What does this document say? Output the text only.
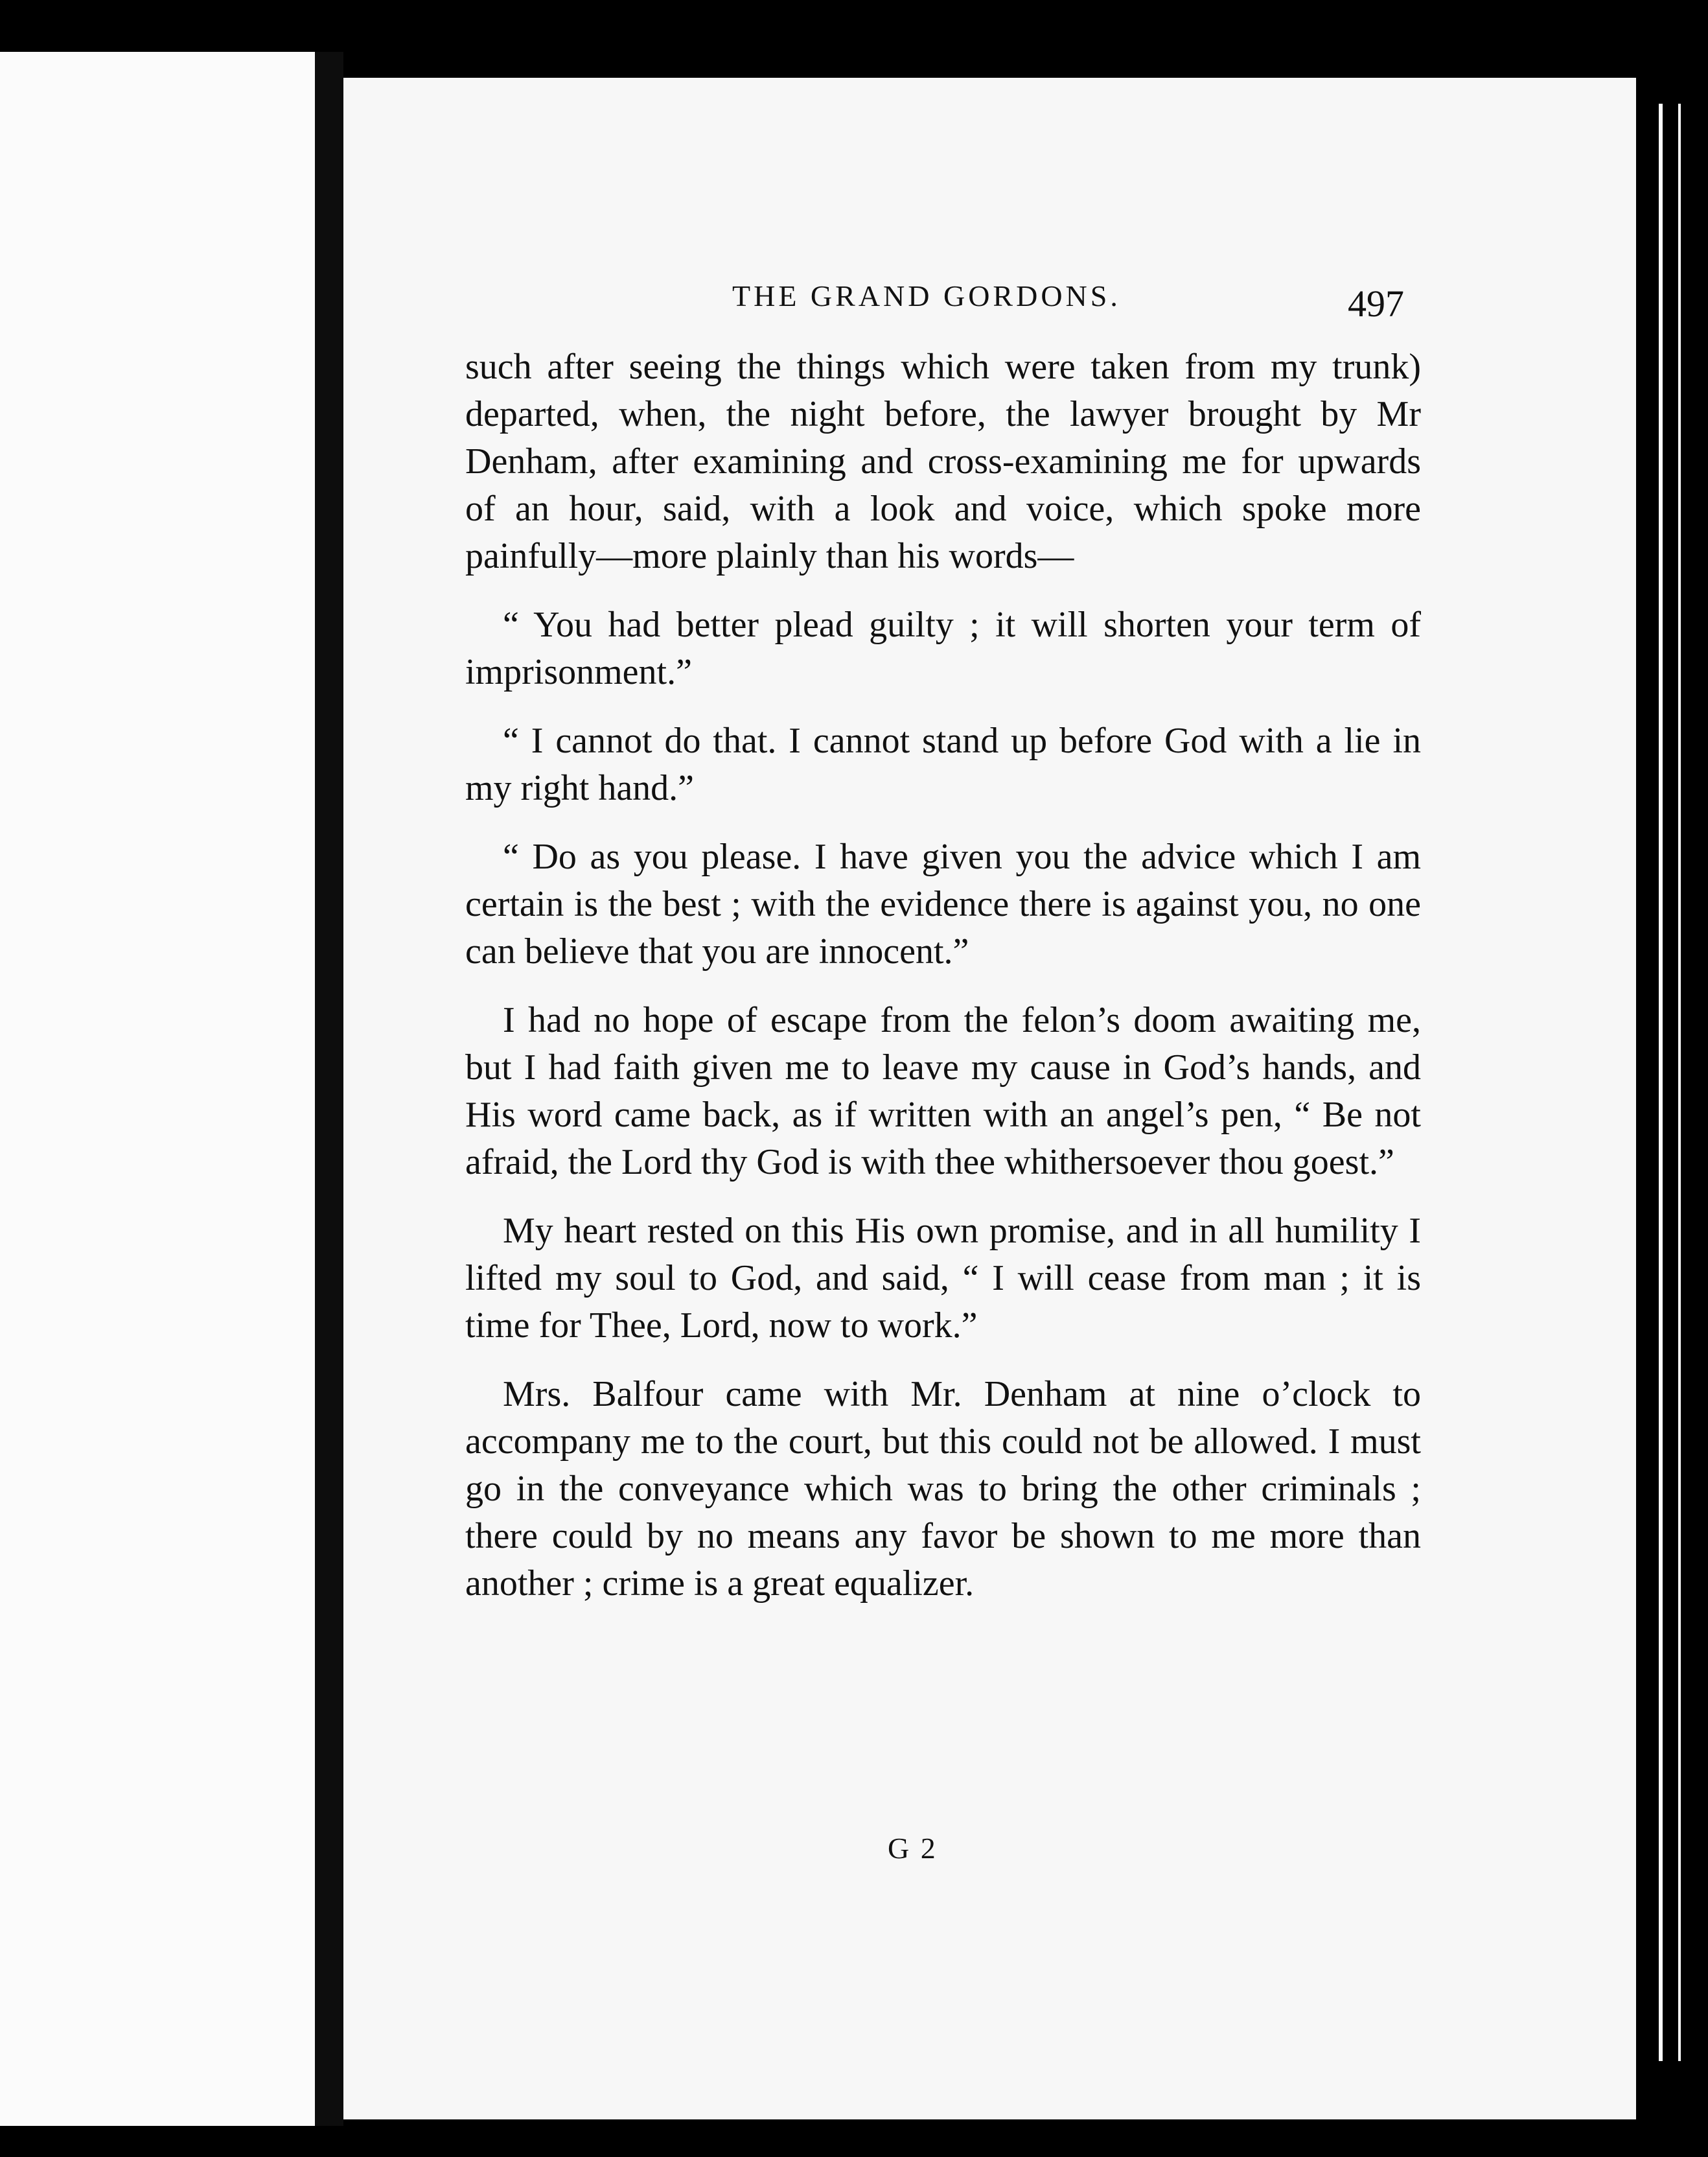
THE GRAND GORDONS.	497

such after seeing the things which were taken from my trunk) departed, when, the night before, the lawyer brought by Mr Denham, after examining and cross-examining me for upwards of an hour, said, with a look and voice, which spoke more painfully—more plainly than his words—

“ You had better plead guilty ; it will shorten your term of imprisonment.”

“ I cannot do that. I cannot stand up before God with a lie in my right hand.”

“ Do as you please. I have given you the advice which I am certain is the best ; with the evidence there is against you, no one can believe that you are innocent.”

I had no hope of escape from the felon’s doom awaiting me, but I had faith given me to leave my cause in God’s hands, and His word came back, as if written with an angel’s pen, “ Be not afraid, the Lord thy God is with thee whithersoever thou goest.”

My heart rested on this His own promise, and in all humility I lifted my soul to God, and said, “ I will cease from man ; it is time for Thee, Lord, now to work.”

Mrs. Balfour came with Mr. Denham at nine o’clock to accompany me to the court, but this could not be allowed. I must go in the conveyance which was to bring the other criminals ; there could by no means any favor be shown to me more than another ; crime is a great equalizer.

G 2
